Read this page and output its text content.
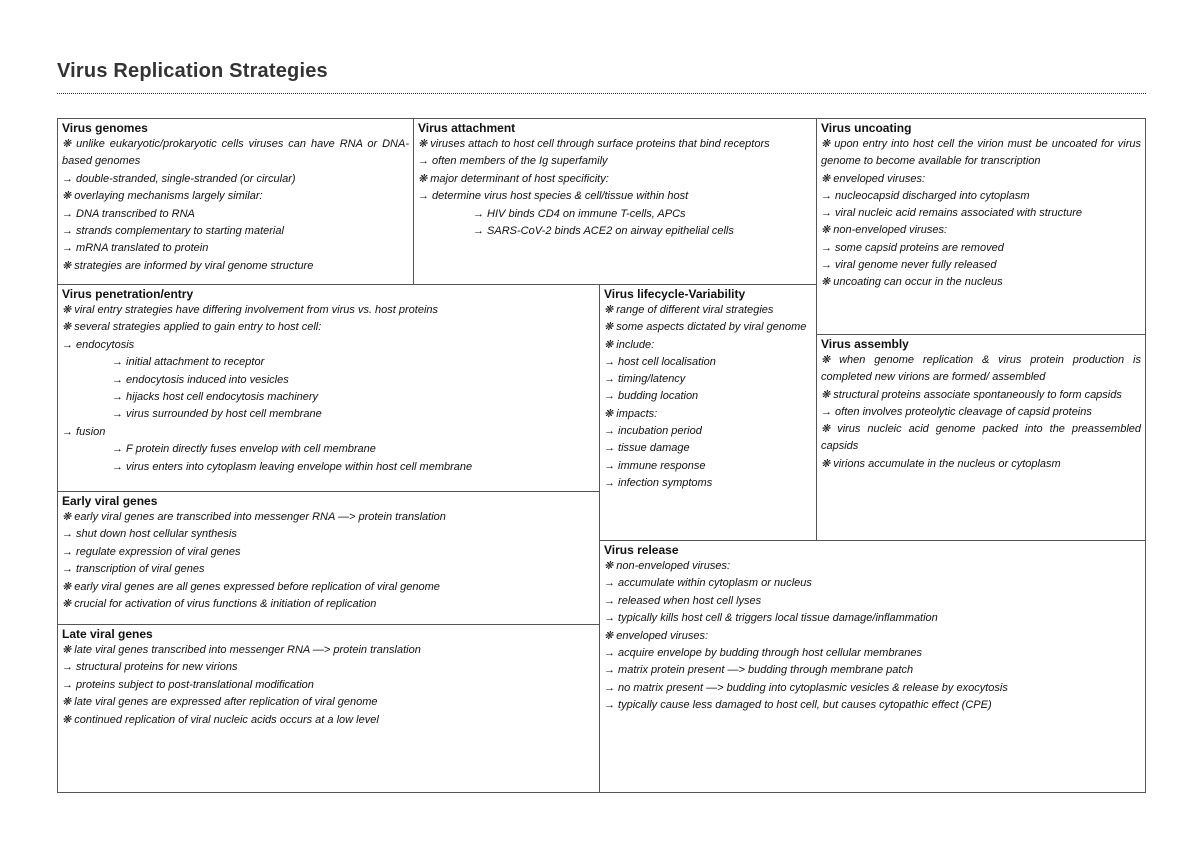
Virus Replication Strategies
Virus genomes
❋ unlike eukaryotic/prokaryotic cells viruses can have RNA or DNA-based genomes
→ double-stranded, single-stranded (or circular)
❋ overlaying mechanisms largely similar:
→ DNA transcribed to RNA
→ strands complementary to starting material
→ mRNA translated to protein
❋ strategies are informed by viral genome structure
Virus attachment
❋ viruses attach to host cell through surface proteins that bind receptors
→ often members of the Ig superfamily
❋ major determinant of host specificity:
→ determine virus host species & cell/tissue within host
→ HIV binds CD4 on immune T-cells, APCs
→ SARS-CoV-2 binds ACE2 on airway epithelial cells
Virus uncoating
❋ upon entry into host cell the virion must be uncoated for virus genome to become available for transcription
❋ enveloped viruses:
→ nucleocapsid discharged into cytoplasm
→ viral nucleic acid remains associated with structure
❋ non-enveloped viruses:
→ some capsid proteins are removed
→ viral genome never fully released
❋ uncoating can occur in the nucleus
Virus penetration/entry
❋ viral entry strategies have differing involvement from virus vs. host proteins
❋ several strategies applied to gain entry to host cell:
→ endocytosis
→ initial attachment to receptor
→ endocytosis induced into vesicles
→ hijacks host cell endocytosis machinery
→ virus surrounded by host cell membrane
→ fusion
→ F protein directly fuses envelop with cell membrane
→ virus enters into cytoplasm leaving envelope within host cell membrane
Virus lifecycle-Variability
❋ range of different viral strategies
❋ some aspects dictated by viral genome
❋ include:
→ host cell localisation
→ timing/latency
→ budding location
❋ impacts:
→ incubation period
→ tissue damage
→ immune response
→ infection symptoms
Virus assembly
❋ when genome replication & virus protein production is completed new virions are formed/ assembled
❋ structural proteins associate spontaneously to form capsids
→ often involves proteolytic cleavage of capsid proteins
❋ virus nucleic acid genome packed into the preassembled capsids
❋ virions accumulate in the nucleus or cytoplasm
Early viral genes
❋ early viral genes are transcribed into messenger RNA —> protein translation
→ shut down host cellular synthesis
→ regulate expression of viral genes
→ transcription of viral genes
❋ early viral genes are all genes expressed before replication of viral genome
❋ crucial for activation of virus functions & initiation of replication
Late viral genes
❋ late viral genes transcribed into messenger RNA —> protein translation
→ structural proteins for new virions
→ proteins subject to post-translational modification
❋ late viral genes are expressed after replication of viral genome
❋ continued replication of viral nucleic acids occurs at a low level
Virus release
❋ non-enveloped viruses:
→ accumulate within cytoplasm or nucleus
→ released when host cell lyses
→ typically kills host cell & triggers local tissue damage/inflammation
❋ enveloped viruses:
→ acquire envelope by budding through host cellular membranes
→ matrix protein present —> budding through membrane patch
→ no matrix present —> budding into cytoplasmic vesicles & release by exocytosis
→ typically cause less damaged to host cell, but causes cytopathic effect (CPE)
